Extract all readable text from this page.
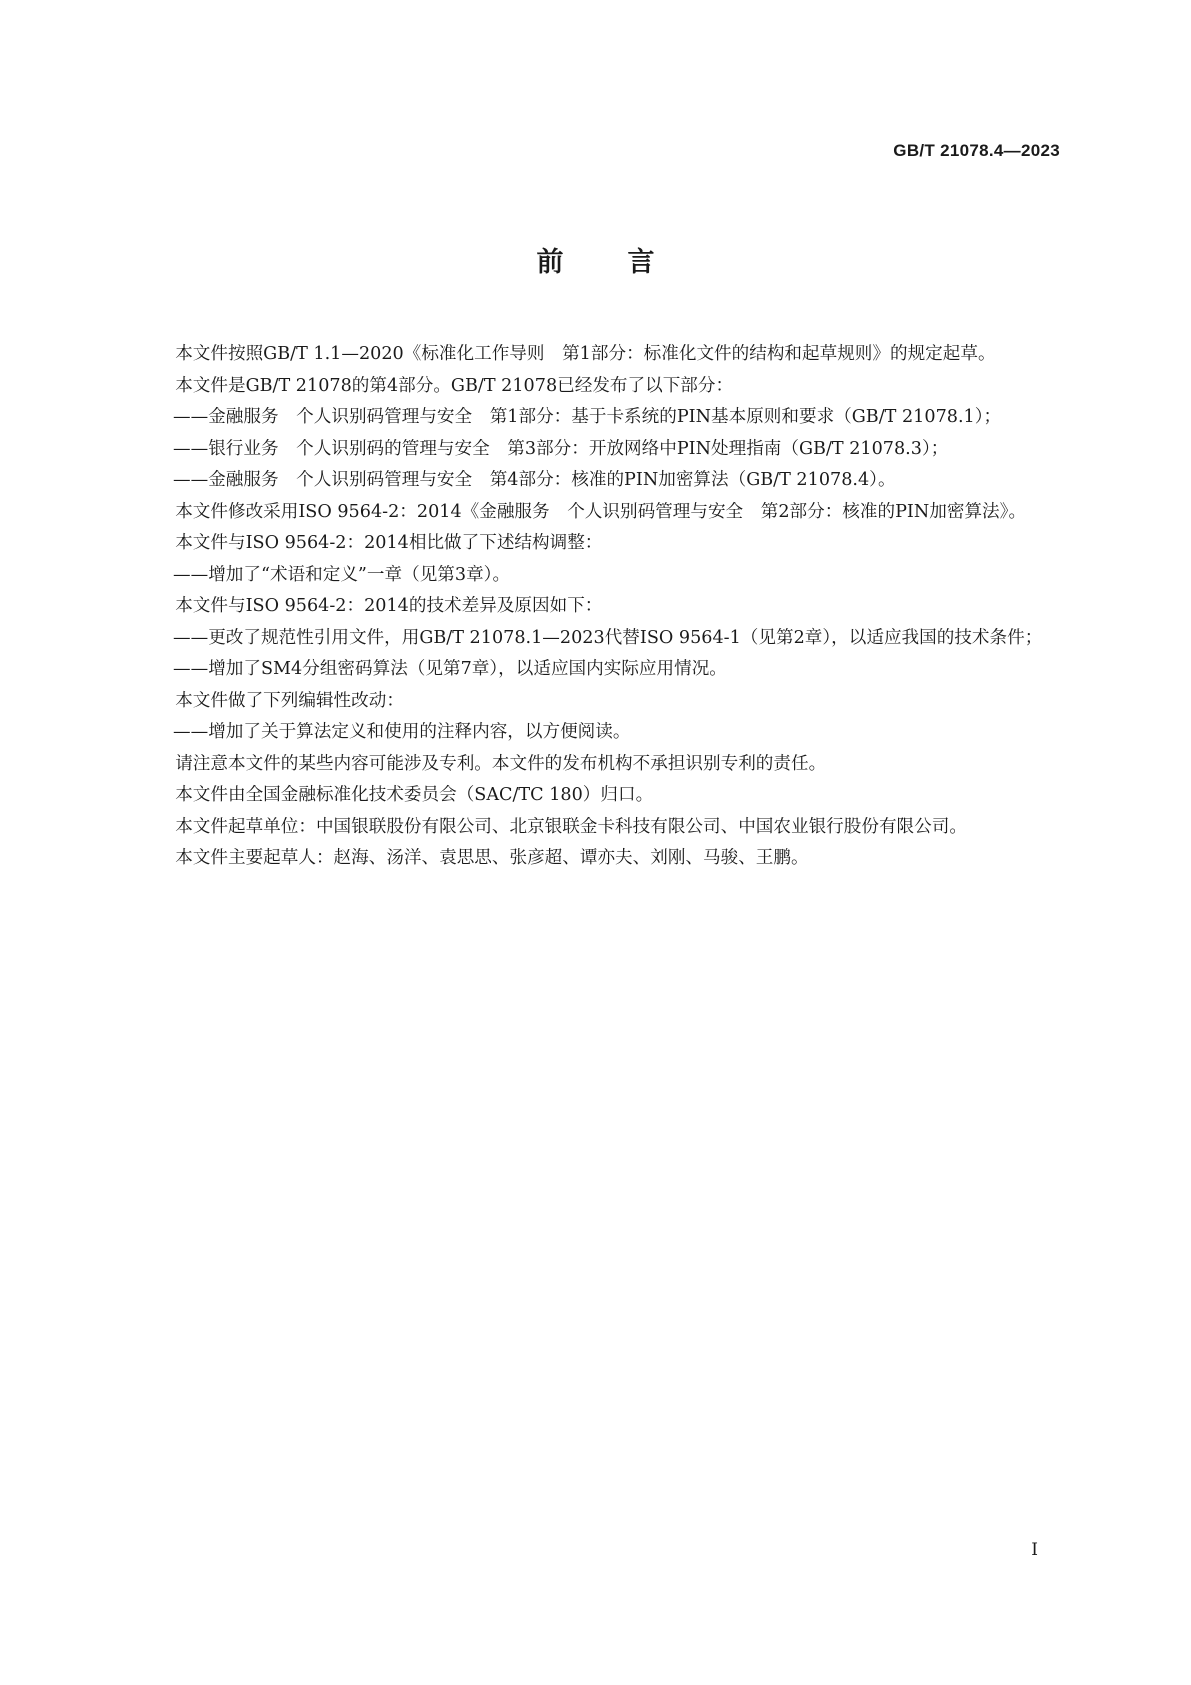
GB/T 21078.4—2023
前言

本文件按照GB/T 1.1—2020《标准化工作导则　第1部分：标准化文件的结构和起草规则》的规定起草。

本文件是GB/T 21078的第4部分。GB/T 21078已经发布了以下部分：

——金融服务　个人识别码管理与安全　第1部分：基于卡系统的PIN基本原则和要求（GB/T 21078.1）；

——银行业务　个人识别码的管理与安全　第3部分：开放网络中PIN处理指南（GB/T 21078.3）；

——金融服务　个人识别码管理与安全　第4部分：核准的PIN加密算法（GB/T 21078.4）。

本文件修改采用ISO 9564-2：2014《金融服务　个人识别码管理与安全　第2部分：核准的PIN加密算法》。

本文件与ISO 9564-2：2014相比做了下述结构调整：

——增加了“术语和定义”一章（见第3章）。

本文件与ISO 9564-2：2014的技术差异及原因如下：

——更改了规范性引用文件，用GB/T 21078.1—2023代替ISO 9564-1（见第2章），以适应我国的技术条件；

——增加了SM4分组密码算法（见第7章），以适应国内实际应用情况。

本文件做了下列编辑性改动：

——增加了关于算法定义和使用的注释内容，以方便阅读。

请注意本文件的某些内容可能涉及专利。本文件的发布机构不承担识别专利的责任。

本文件由全国金融标准化技术委员会（SAC/TC 180）归口。

本文件起草单位：中国银联股份有限公司、北京银联金卡科技有限公司、中国农业银行股份有限公司。

本文件主要起草人：赵海、汤洋、袁思思、张彦超、谭亦夫、刘刚、马骏、王鹏。

I
